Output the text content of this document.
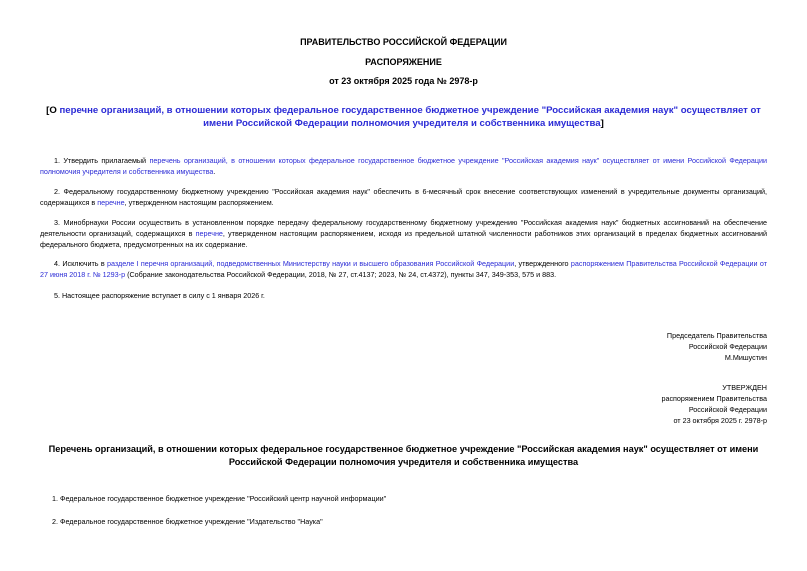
ПРАВИТЕЛЬСТВО РОССИЙСКОЙ ФЕДЕРАЦИИ
РАСПОРЯЖЕНИЕ
от 23 октября 2025 года № 2978-р
[О перечне организаций, в отношении которых федеральное государственное бюджетное учреждение "Российская академия наук" осуществляет от имени Российской Федерации полномочия учредителя и собственника имущества]
1. Утвердить прилагаемый перечень организаций, в отношении которых федеральное государственное бюджетное учреждение "Российская академия наук" осуществляет от имени Российской Федерации полномочия учредителя и собственника имущества.
2. Федеральному государственному бюджетному учреждению "Российская академия наук" обеспечить в 6-месячный срок внесение соответствующих изменений в учредительные документы организаций, содержащихся в перечне, утвержденном настоящим распоряжением.
3. Минобрнауки России осуществить в установленном порядке передачу федеральному государственному бюджетному учреждению "Российская академия наук" бюджетных ассигнований на обеспечение деятельности организаций, содержащихся в перечне, утвержденном настоящим распоряжением, исходя из предельной штатной численности работников этих организаций в пределах бюджетных ассигнований федерального бюджета, предусмотренных на их содержание.
4. Исключить в разделе I перечня организаций, подведомственных Министерству науки и высшего образования Российской Федерации, утвержденного распоряжением Правительства Российской Федерации от 27 июня 2018 г. № 1293-р (Собрание законодательства Российской Федерации, 2018, № 27, ст.4137; 2023, № 24, ст.4372), пункты 347, 349-353, 575 и 883.
5. Настоящее распоряжение вступает в силу с 1 января 2026 г.
Председатель Правительства
Российской Федерации
М.Мишустин
УТВЕРЖДЕН
распоряжением Правительства
Российской Федерации
от 23 октября 2025 г. 2978-р
Перечень организаций, в отношении которых федеральное государственное бюджетное учреждение "Российская академия наук" осуществляет от имени Российской Федерации полномочия учредителя и собственника имущества
1. Федеральное государственное бюджетное учреждение "Российский центр научной информации"
2. Федеральное государственное бюджетное учреждение "Издательство "Наука"
